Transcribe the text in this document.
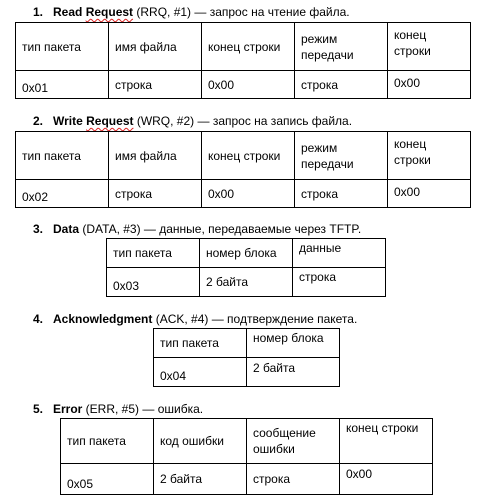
1. Read Request (RRQ, #1) — запрос на чтение файла.
тип пакета	имя файла	конец строки	режим передачи	конец строки
0x01	строка	0x00	строка	0x00
2. Write Request (WRQ, #2) — запрос на запись файла.
тип пакета	имя файла	конец строки	режим передачи	конец строки
0x02	строка	0x00	строка	0x00
3. Data (DATA, #3) — данные, передаваемые через TFTP.
тип пакета	номер блока	данные
0x03	2 байта	строка
4. Acknowledgment (ACK, #4) — подтверждение пакета.
тип пакета	номер блока
0x04	2 байта
5. Error (ERR, #5) — ошибка.
тип пакета	код ошибки	сообщение ошибки	конец строки
0x05	2 байта	строка	0x00
